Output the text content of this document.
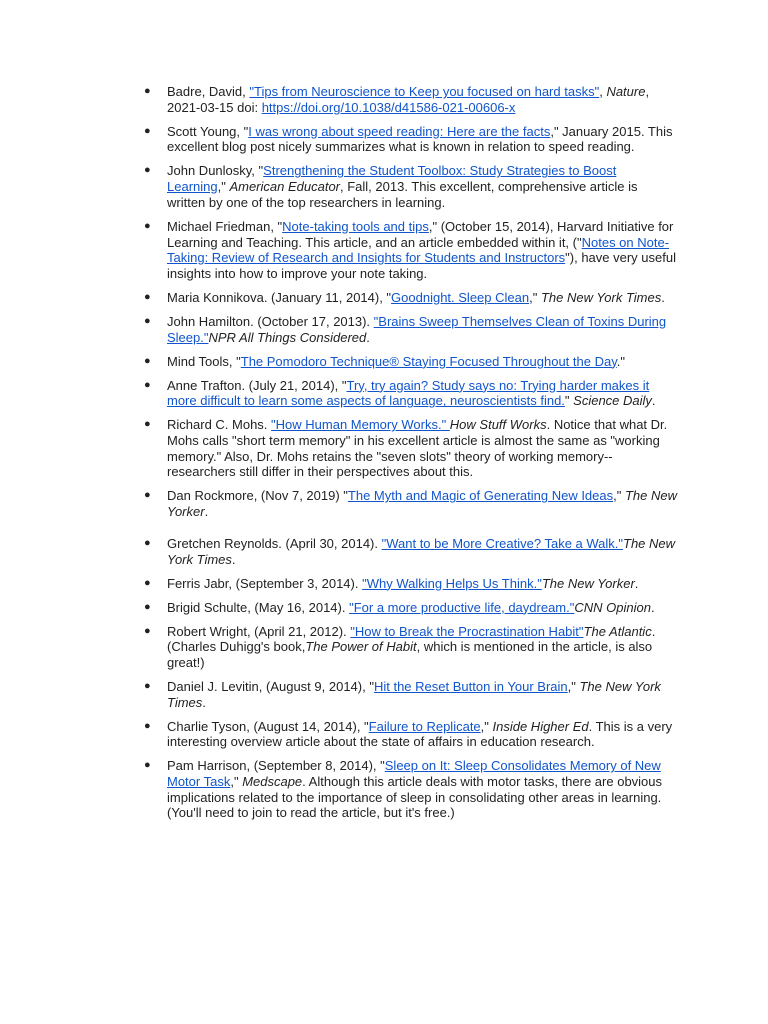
● Badre, David, "Tips from Neuroscience to Keep you focused on hard tasks", Nature, 2021-03-15 doi: https://doi.org/10.1038/d41586-021-00606-x
● Scott Young, "I was wrong about speed reading: Here are the facts," January 2015. This excellent blog post nicely summarizes what is known in relation to speed reading.
● John Dunlosky, "Strengthening the Student Toolbox: Study Strategies to Boost Learning," American Educator, Fall, 2013. This excellent, comprehensive article is written by one of the top researchers in learning.
● Michael Friedman, "Note-taking tools and tips," (October 15, 2014), Harvard Initiative for Learning and Teaching. This article, and an article embedded within it, ("Notes on Note-Taking: Review of Research and Insights for Students and Instructors"), have very useful insights into how to improve your note taking.
● Maria Konnikova. (January 11, 2014), "Goodnight. Sleep Clean," The New York Times.
● John Hamilton. (October 17, 2013). "Brains Sweep Themselves Clean of Toxins During Sleep."NPR All Things Considered.
● Mind Tools, "The Pomodoro Technique® Staying Focused Throughout the Day."
● Anne Trafton. (July 21, 2014), "Try, try again? Study says no: Trying harder makes it more difficult to learn some aspects of language, neuroscientists find." Science Daily.
● Richard C. Mohs. "How Human Memory Works." How Stuff Works. Notice that what Dr. Mohs calls "short term memory" in his excellent article is almost the same as "working memory." Also, Dr. Mohs retains the "seven slots" theory of working memory--researchers still differ in their perspectives about this.
● Dan Rockmore, (Nov 7, 2019) "The Myth and Magic of Generating New Ideas," The New Yorker.
● Gretchen Reynolds. (April 30, 2014). "Want to be More Creative? Take a Walk."The New York Times.
● Ferris Jabr, (September 3, 2014). "Why Walking Helps Us Think."The New Yorker.
● Brigid Schulte, (May 16, 2014). "For a more productive life, daydream."CNN Opinion.
● Robert Wright, (April 21, 2012). "How to Break the Procrastination Habit"The Atlantic. (Charles Duhigg's book,The Power of Habit, which is mentioned in the article, is also great!)
● Daniel J. Levitin, (August 9, 2014), "Hit the Reset Button in Your Brain," The New York Times.
● Charlie Tyson, (August 14, 2014), "Failure to Replicate," Inside Higher Ed. This is a very interesting overview article about the state of affairs in education research.
● Pam Harrison, (September 8, 2014), "Sleep on It: Sleep Consolidates Memory of New Motor Task," Medscape. Although this article deals with motor tasks, there are obvious implications related to the importance of sleep in consolidating other areas in learning. (You'll need to join to read the article, but it's free.)
